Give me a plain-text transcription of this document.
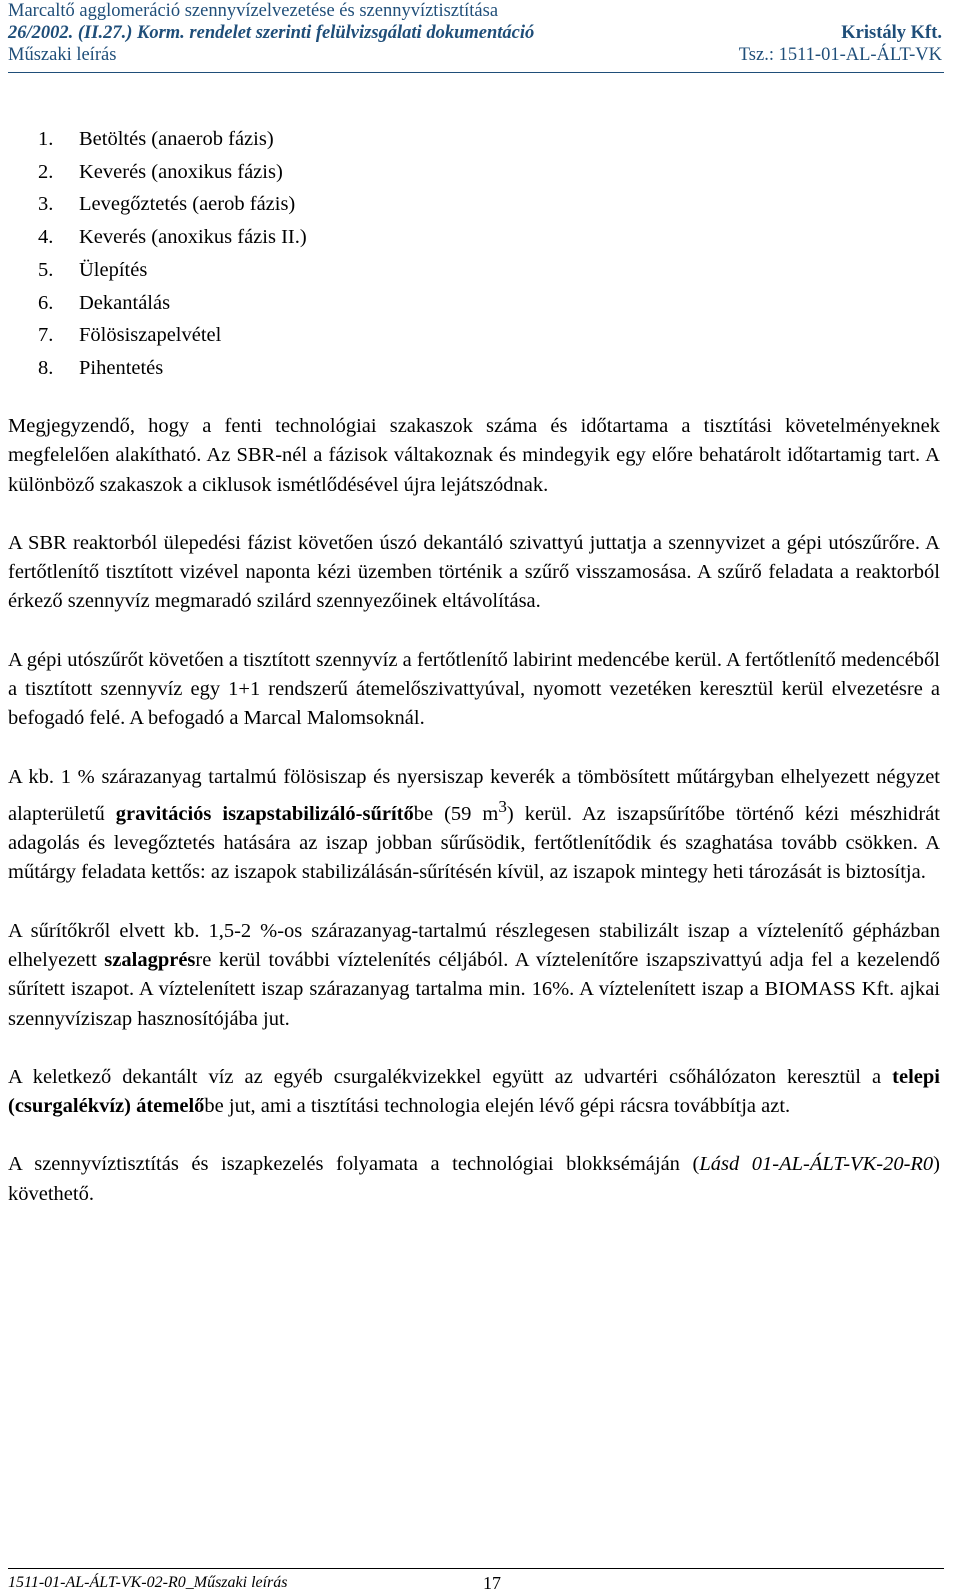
Marcaltő agglomeráció szennyvízelvezetése és szennyvíztisztítása
26/2002. (II.27.) Korm. rendelet szerinti felülvizsgálati dokumentáció	Kristály Kft.
Műszaki leírás	Tsz.: 1511-01-AL-ÁLT-VK
1.	Betöltés (anaerob fázis)
2.	Keverés (anoxikus fázis)
3.	Levegőztetés (aerob fázis)
4.	Keverés (anoxikus fázis II.)
5.	Ülepítés
6.	Dekantálás
7.	Fölösiszapelvétel
8.	Pihentetés

Megjegyzendő, hogy a fenti technológiai szakaszok száma és időtartama a tisztítási követelményeknek megfelelően alakítható. Az SBR-nél a fázisok váltakoznak és mindegyik egy előre behatárolt időtartamig tart. A különböző szakaszok a ciklusok ismétlődésével újra lejátszódnak.

A SBR reaktorból ülepedési fázist követően úszó dekantáló szivattyú juttatja a szennyvizet a gépi utószűrőre. A fertőtlenítő tisztított vizével naponta kézi üzemben történik a szűrő visszamosása. A szűrő feladata a reaktorból érkező szennyvíz megmaradó szilárd szennyezőinek eltávolítása.

A gépi utószűrőt követően a tisztított szennyvíz a fertőtlenítő labirint medencébe kerül. A fertőtlenítő medencéből a tisztított szennyvíz egy 1+1 rendszerű átemelőszivattyúval, nyomott vezetéken keresztül kerül elvezetésre a befogadó felé. A befogadó a Marcal Malomsoknál.

A kb. 1 % szárazanyag tartalmú fölösiszap és nyersiszap keverék a tömbösített műtárgyban elhelyezett négyzet alapterületű gravitációs iszapstabilizáló-sűrítőbe (59 $m^3$) kerül. Az iszapsűrítőbe történő kézi mészhidrát adagolás és levegőztetés hatására az iszap jobban sűrűsödik, fertőtlenítődik és szaghatása tovább csökken. A műtárgy feladata kettős: az iszapok stabilizálásán-sűrítésén kívül, az iszapok mintegy heti tározását is biztosítja.

A sűrítőkről elvett kb. 1,5-2 %-os szárazanyag-tartalmú részlegesen stabilizált iszap a víztelenítő gépházban elhelyezett szalagprésre kerül további víztelenítés céljából. A víztelenítőre iszapszivattyú adja fel a kezelendő sűrített iszapot. A víztelenített iszap szárazanyag tartalma min. 16%. A víztelenített iszap a BIOMASS Kft. ajkai szennyvíziszap hasznosítójába jut.

A keletkező dekantált víz az egyéb csurgalékvizekkel együtt az udvartéri csőhálózaton keresztül a telepi (csurgalékvíz) átemelőbe jut, ami a tisztítási technologia elején lévő gépi rácsra továbbítja azt.

A szennyvíztisztítás és iszapkezelés folyamata a technológiai blokksémáján (Lásd 01-AL-ÁLT-VK-20-R0) követhető.

1511-01-AL-ÁLT-VK-02-R0_Műszaki leírás	17
